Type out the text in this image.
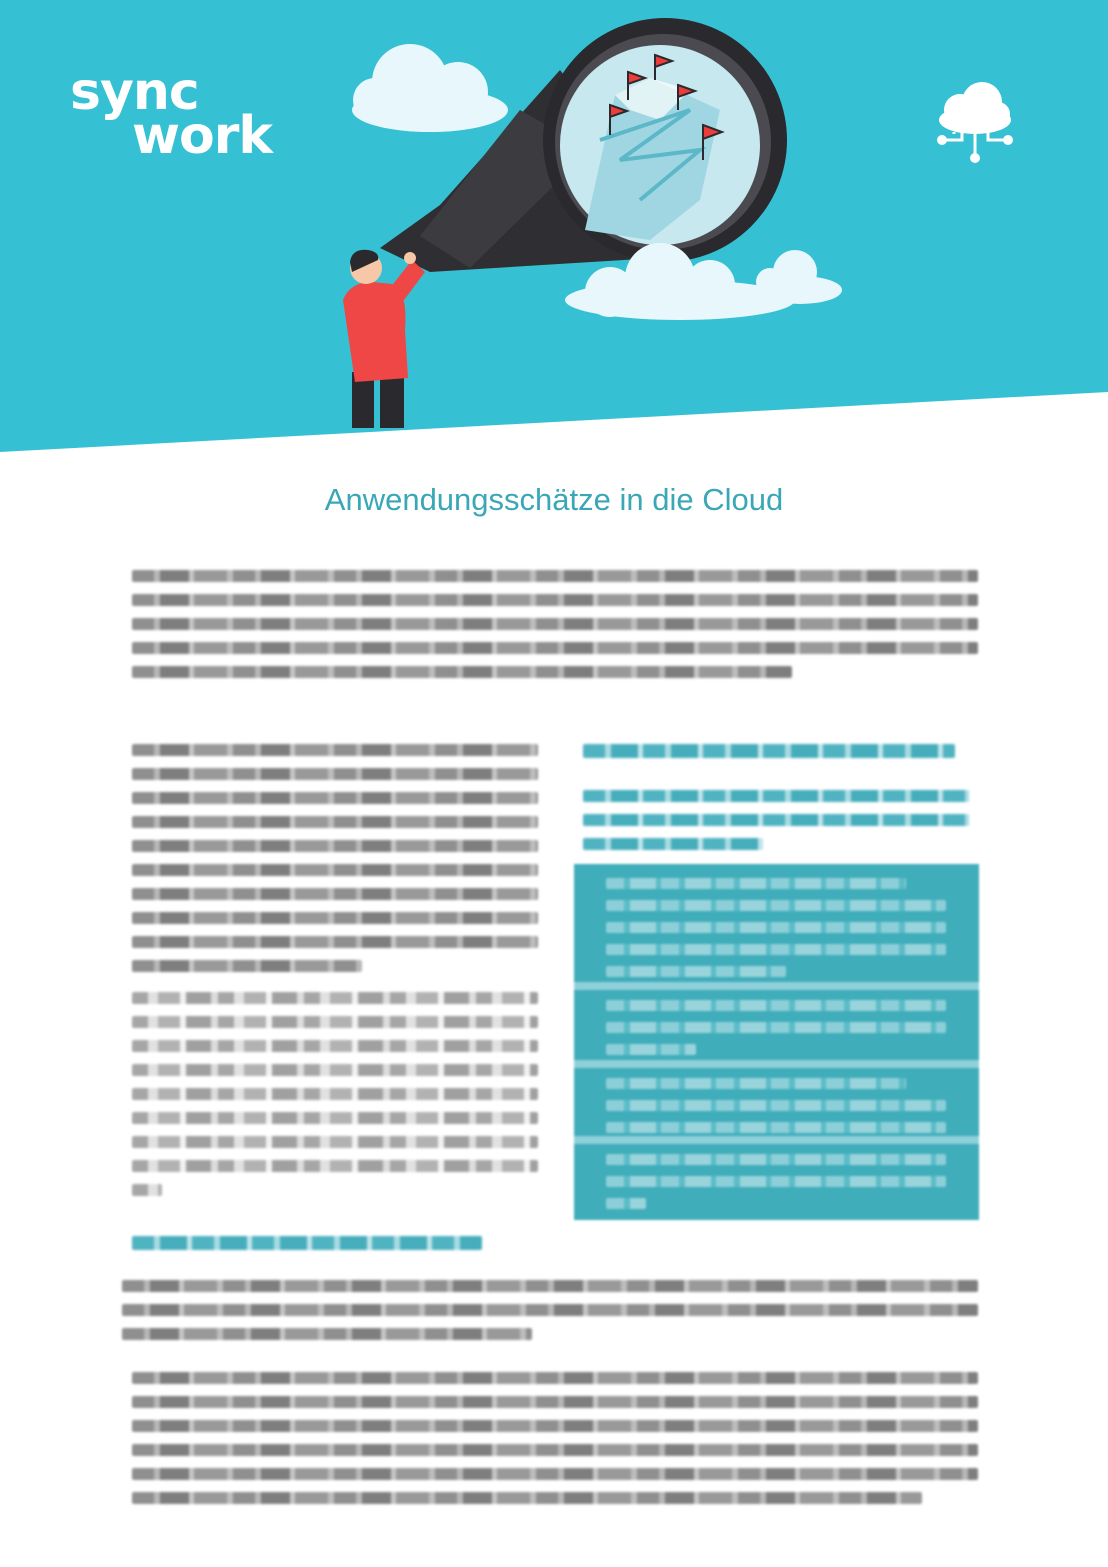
sync
work
Anwendungsschätze in die Cloud
